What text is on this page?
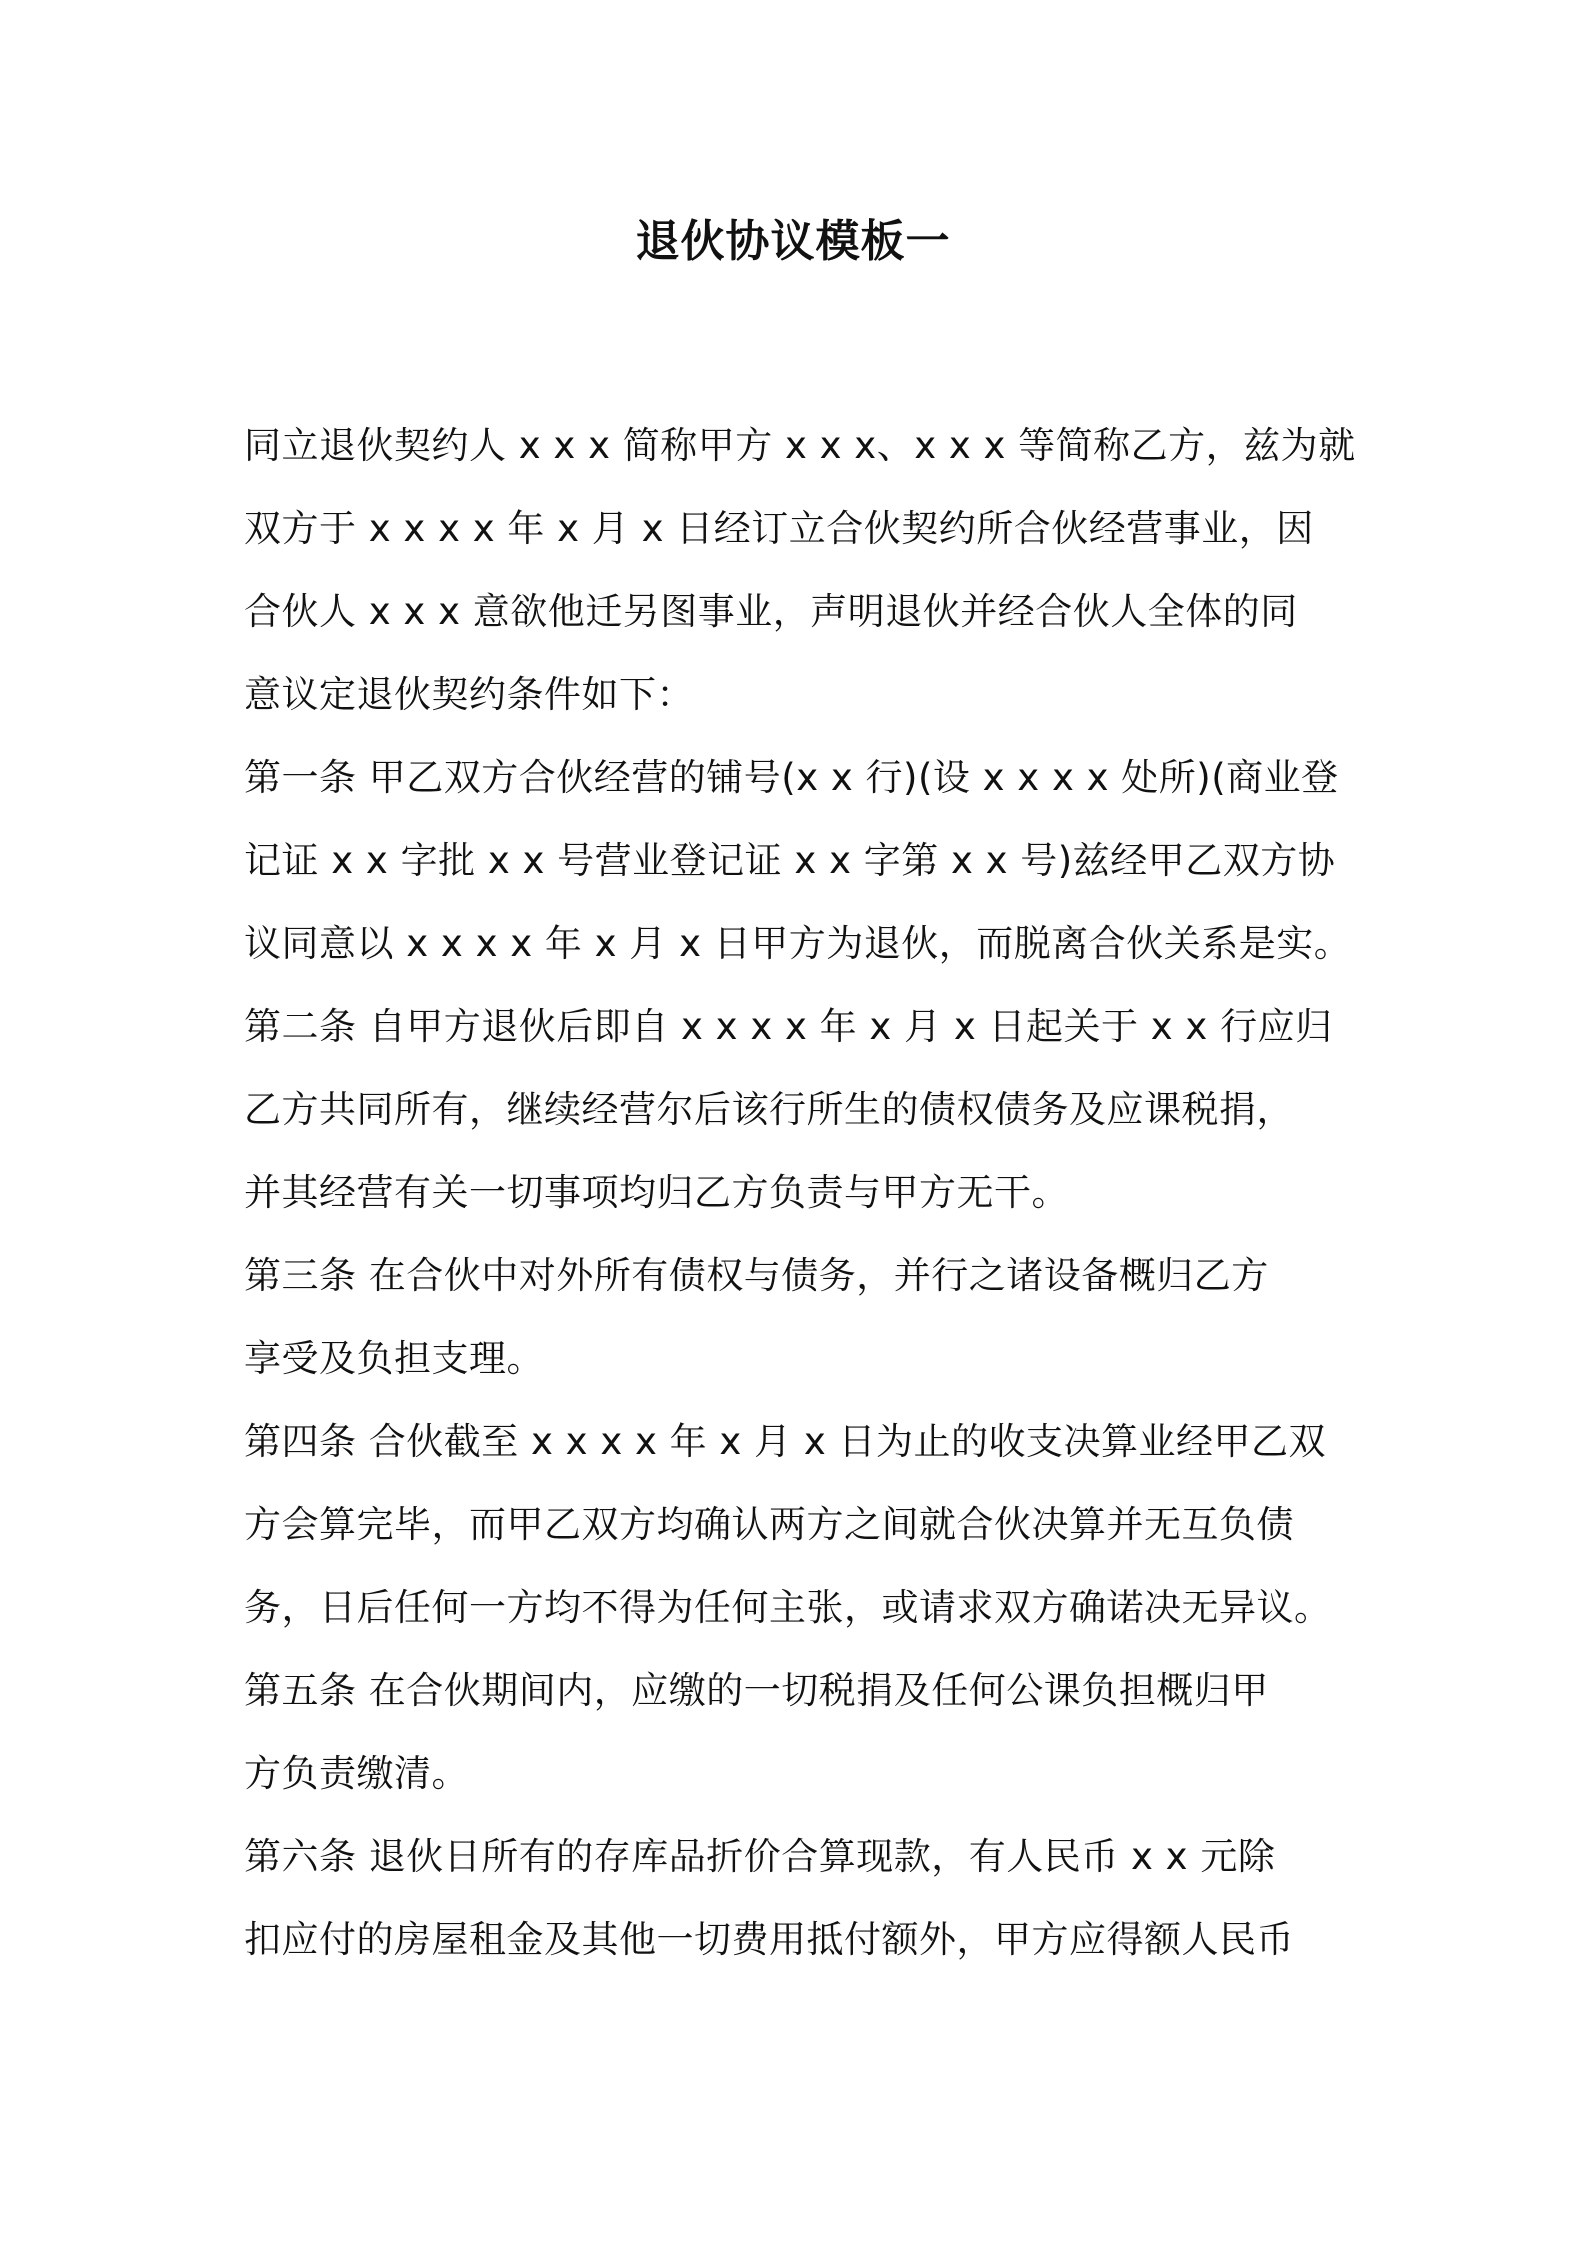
退伙协议模板一
同立退伙契约人 x x x 简称甲方 x x x、x x x 等简称乙方，兹为就
双方于 x x x x 年 x 月 x 日经订立合伙契约所合伙经营事业，因
合伙人 x x x 意欲他迁另图事业，声明退伙并经合伙人全体的同
意议定退伙契约条件如下：
第一条 甲乙双方合伙经营的铺号(x x 行)(设 x x x x 处所)(商业登
记证 x x 字批 x x 号营业登记证 x x 字第 x x 号)兹经甲乙双方协
议同意以 x x x x 年 x 月 x 日甲方为退伙，而脱离合伙关系是实。
第二条 自甲方退伙后即自 x x x x 年 x 月 x 日起关于 x x 行应归
乙方共同所有，继续经营尔后该行所生的债权债务及应课税捐，
并其经营有关一切事项均归乙方负责与甲方无干。
第三条 在合伙中对外所有债权与债务，并行之诸设备概归乙方
享受及负担支理。
第四条 合伙截至 x x x x 年 x 月 x 日为止的收支决算业经甲乙双
方会算完毕，而甲乙双方均确认两方之间就合伙决算并无互负债
务，日后任何一方均不得为任何主张，或请求双方确诺决无异议。
第五条 在合伙期间内，应缴的一切税捐及任何公课负担概归甲
方负责缴清。
第六条 退伙日所有的存库品折价合算现款，有人民币 x x 元除
扣应付的房屋租金及其他一切费用抵付额外，甲方应得额人民币
